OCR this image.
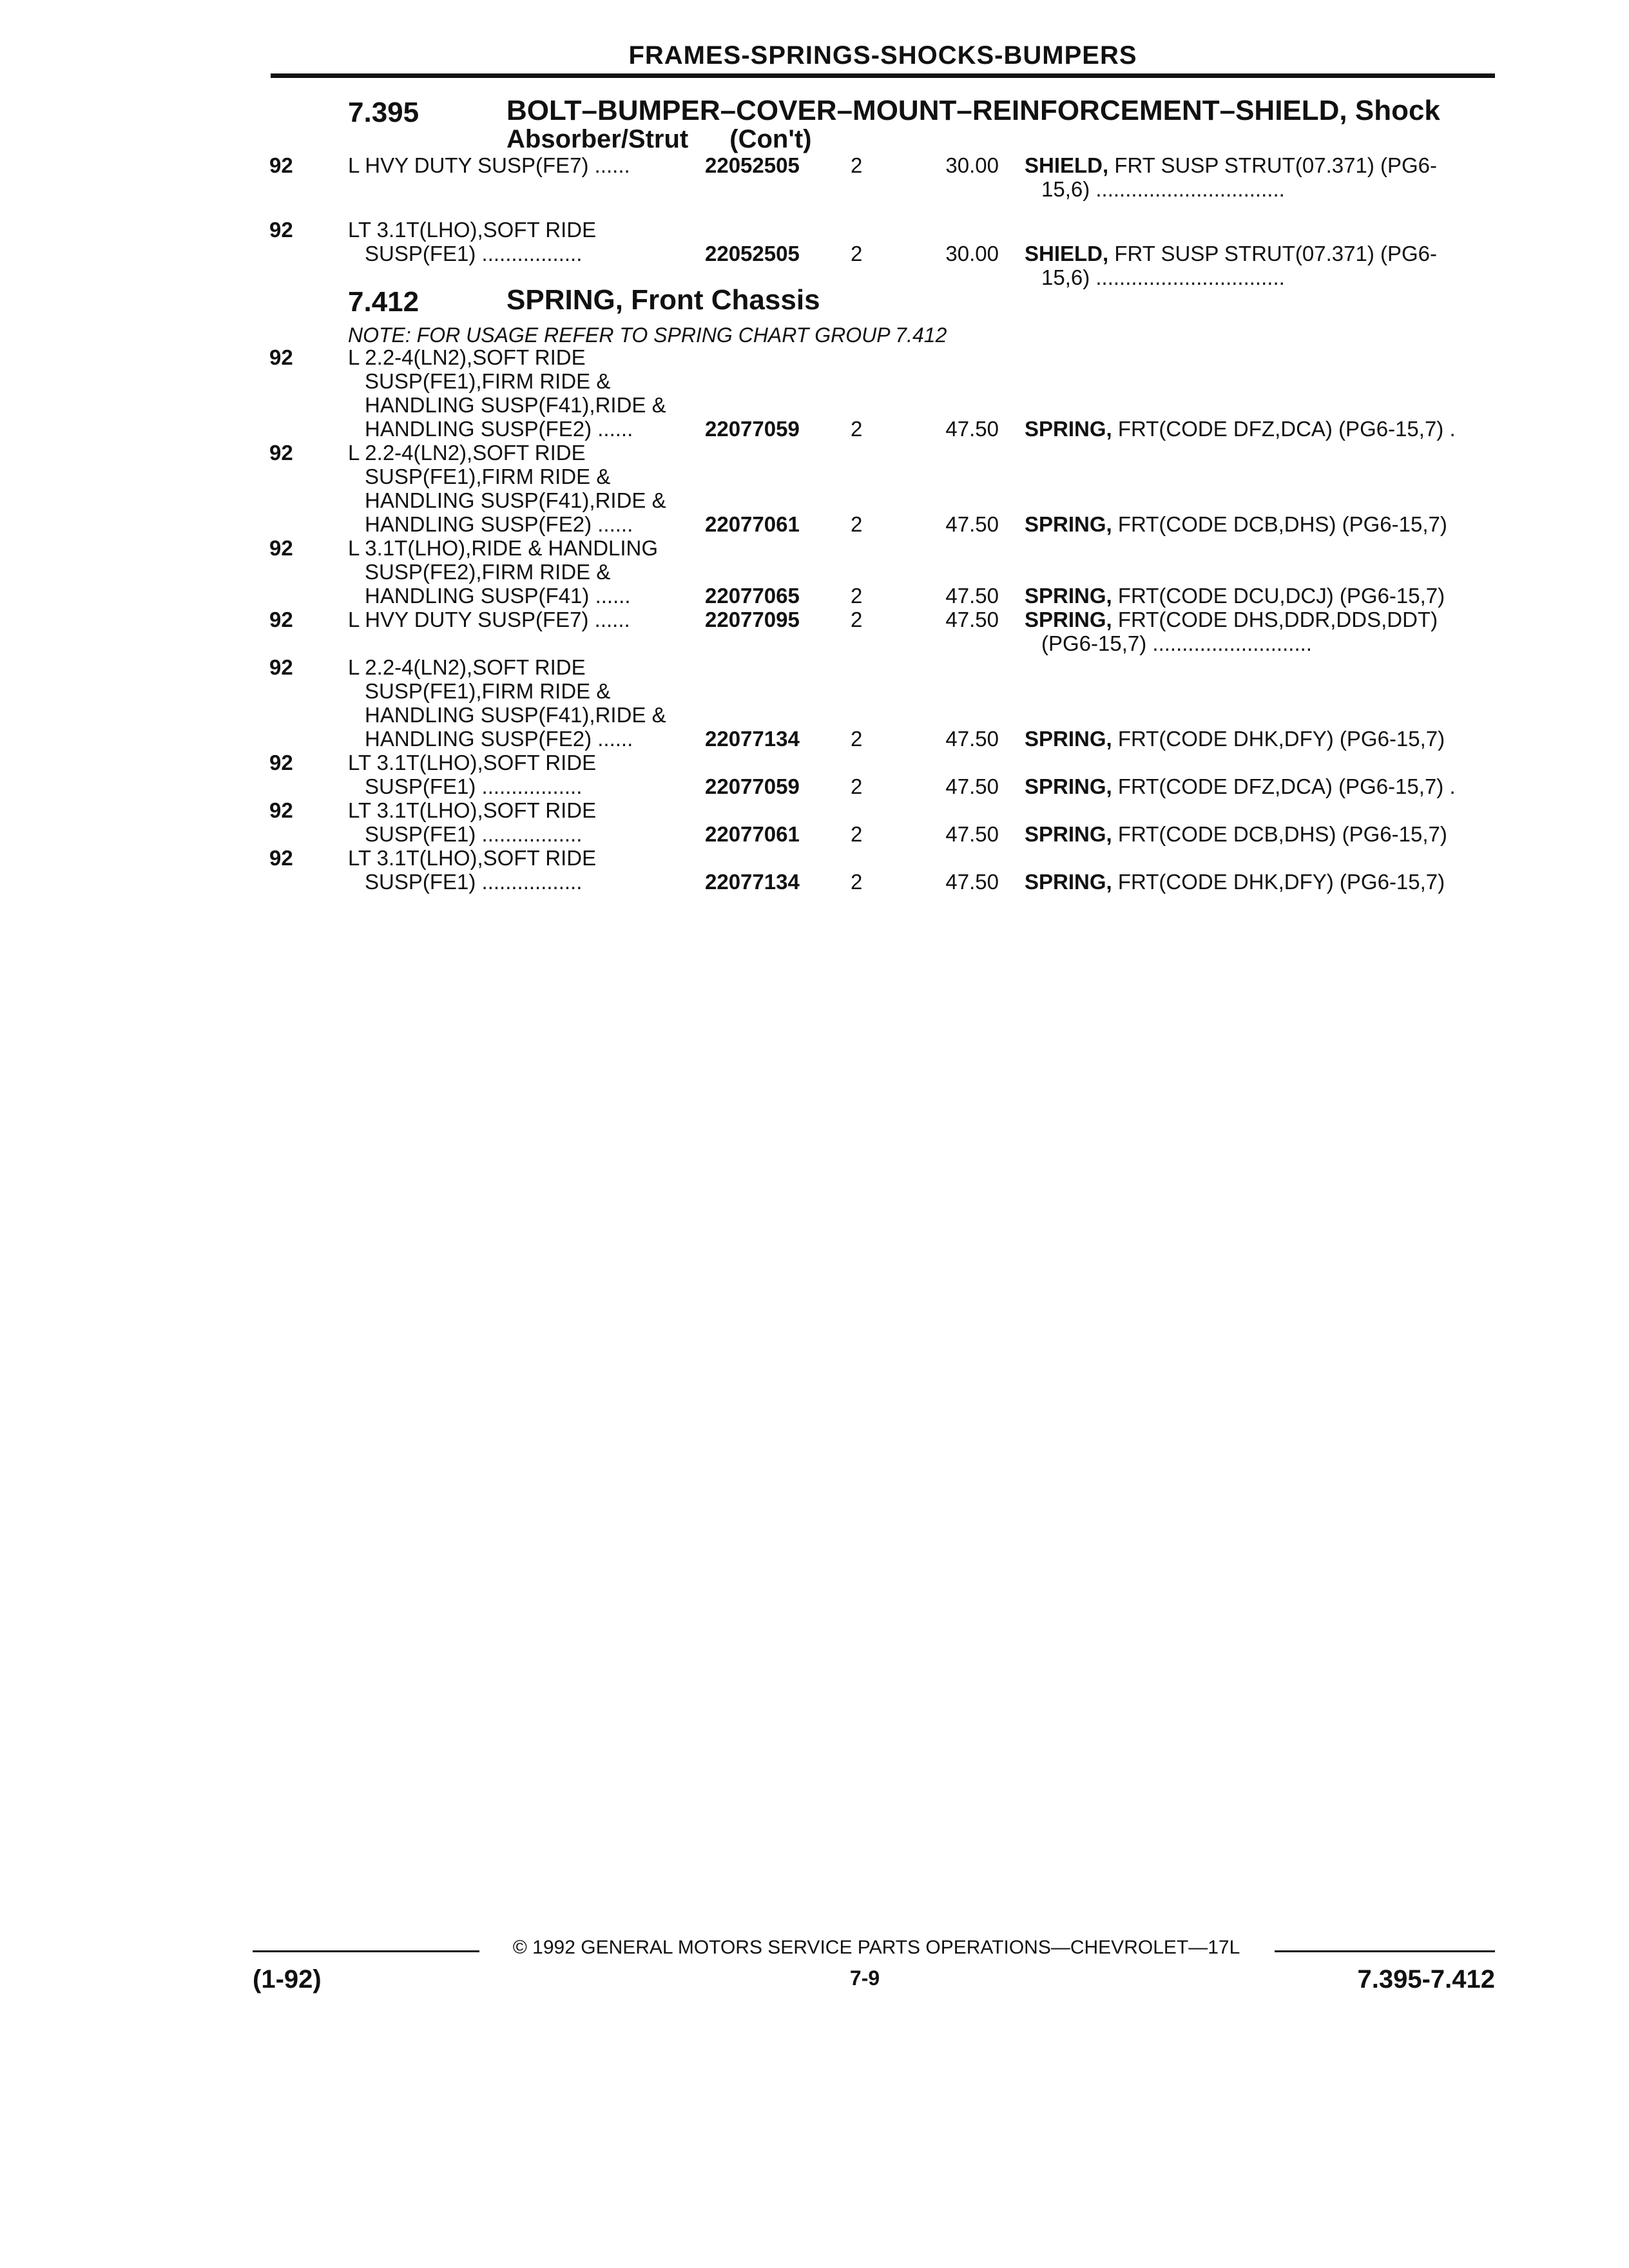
FRAMES-SPRINGS-SHOCKS-BUMPERS
7.395	BOLT–BUMPER–COVER–MOUNT–REINFORCEMENT–SHIELD, Shock
Absorber/Strut (Con't)
92	L HVY DUTY SUSP(FE7) ......	22052505	2	30.00 SHIELD, FRT SUSP STRUT(07.371) (PG6-
15,6) ................................
92	LT 3.1T(LHO),SOFT RIDE
SUSP(FE1) .................	22052505	2	30.00 SHIELD, FRT SUSP STRUT(07.371) (PG6-
15,6) ................................
7.412	SPRING, Front Chassis
NOTE: FOR USAGE REFER TO SPRING CHART GROUP 7.412
92	L 2.2-4(LN2),SOFT RIDE
SUSP(FE1),FIRM RIDE &
HANDLING SUSP(F41),RIDE &
HANDLING SUSP(FE2) ......	22077059	2	47.50 SPRING, FRT(CODE DFZ,DCA) (PG6-15,7) .
92	L 2.2-4(LN2),SOFT RIDE
SUSP(FE1),FIRM RIDE &
HANDLING SUSP(F41),RIDE &
HANDLING SUSP(FE2) ......	22077061	2	47.50 SPRING, FRT(CODE DCB,DHS) (PG6-15,7)
92	L 3.1T(LHO),RIDE & HANDLING
SUSP(FE2),FIRM RIDE &
HANDLING SUSP(F41) ......	22077065	2	47.50 SPRING, FRT(CODE DCU,DCJ) (PG6-15,7)
92	L HVY DUTY SUSP(FE7) ......	22077095	2	47.50 SPRING, FRT(CODE DHS,DDR,DDS,DDT)
(PG6-15,7) ...........................
92	L 2.2-4(LN2),SOFT RIDE
SUSP(FE1),FIRM RIDE &
HANDLING SUSP(F41),RIDE &
HANDLING SUSP(FE2) ......	22077134	2	47.50 SPRING, FRT(CODE DHK,DFY) (PG6-15,7)
92	LT 3.1T(LHO),SOFT RIDE
SUSP(FE1) .................	22077059	2	47.50 SPRING, FRT(CODE DFZ,DCA) (PG6-15,7) .
92	LT 3.1T(LHO),SOFT RIDE
SUSP(FE1) .................	22077061	2	47.50 SPRING, FRT(CODE DCB,DHS) (PG6-15,7)
92	LT 3.1T(LHO),SOFT RIDE
SUSP(FE1) .................	22077134	2	47.50 SPRING, FRT(CODE DHK,DFY) (PG6-15,7)
© 1992 GENERAL MOTORS SERVICE PARTS OPERATIONS—CHEVROLET—17L
(1-92)	7-9	7.395-7.412
